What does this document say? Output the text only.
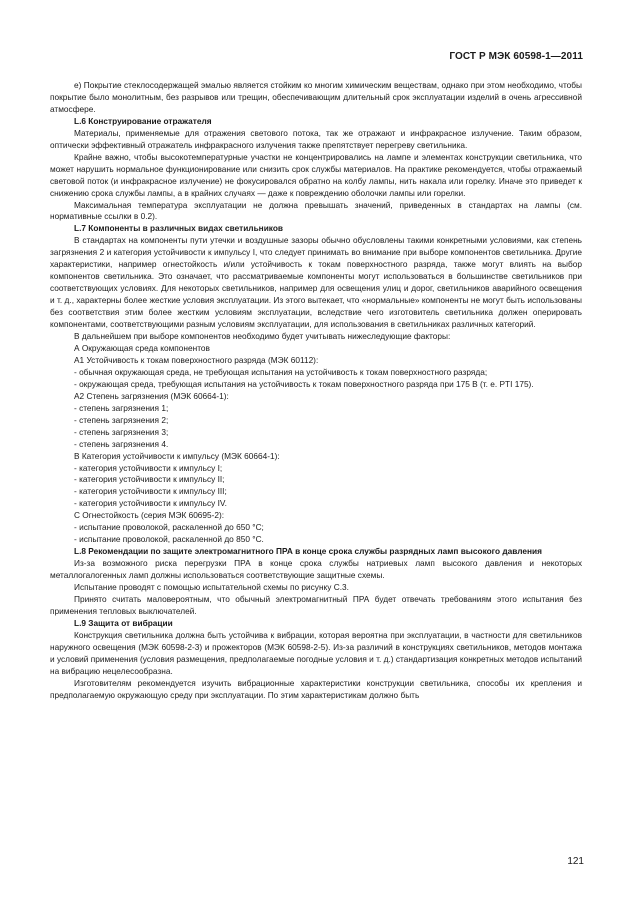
ГОСТ Р МЭК 60598-1—2011

е) Покрытие стеклосодержащей эмалью является стойким ко многим химическим веществам, однако при этом необходимо, чтобы покрытие было монолитным, без разрывов или трещин, обеспечивающим длительный срок эксплуатации изделий в очень агрессивной атмосфере.

L.6 Конструирование отражателя

Материалы, применяемые для отражения светового потока, так же отражают и инфракрасное излучение. Таким образом, оптически эффективный отражатель инфракрасного излучения также препятствует перегреву светильника.

Крайне важно, чтобы высокотемпературные участки не концентрировались на лампе и элементах конструкции светильника, что может нарушить нормальное функционирование или снизить срок службы материалов. На практике рекомендуется, чтобы отражаемый световой поток (и инфракрасное излучение) не фокусировался обратно на колбу лампы, нить накала или горелку. Иначе это приведет к снижению срока службы лампы, а в крайних случаях — даже к повреждению оболочки лампы или горелки.

Максимальная температура эксплуатации не должна превышать значений, приведенных в стандартах на лампы (см. нормативные ссылки в 0.2).

L.7 Компоненты в различных видах светильников

В стандартах на компоненты пути утечки и воздушные зазоры обычно обусловлены такими конкретными условиями, как степень загрязнения 2 и категория устойчивости к импульсу I, что следует принимать во внимание при выборе компонентов светильника. Другие характеристики, например огнестойкость и/или устойчивость к токам поверхностного разряда, также могут влиять на выбор компонентов светильника. Это означает, что рассматриваемые компоненты могут использоваться в большинстве светильников при соответствующих условиях. Для некоторых светильников, например для освещения улиц и дорог, светильников аварийного освещения и т. д., характерны более жесткие условия эксплуатации. Из этого вытекает, что «нормальные» компоненты не могут быть использованы без соответствия этим более жестким условиям эксплуатации, вследствие чего изготовитель светильника должен оперировать компонентами, соответствующими разным условиям эксплуатации, для использования в светильниках различных категорий.

В дальнейшем при выборе компонентов необходимо будет учитывать нижеследующие факторы:

А Окружающая среда компонентов

А1 Устойчивость к токам поверхностного разряда (МЭК 60112):

- обычная окружающая среда, не требующая испытания на устойчивость к токам поверхностного разряда;

- окружающая среда, требующая испытания на устойчивость к токам поверхностного разряда при 175 В (т. е. PTI 175).

А2 Степень загрязнения (МЭК 60664-1):

- степень загрязнения 1;

- степень загрязнения 2;

- степень загрязнения 3;

- степень загрязнения 4.

В Категория устойчивости к импульсу (МЭК 60664-1):

- категория устойчивости к импульсу I;

- категория устойчивости к импульсу II;

- категория устойчивости к импульсу III;

- категория устойчивости к импульсу IV.

С Огнестойкость (серия МЭК 60695-2):

- испытание проволокой, раскаленной до 650 °C;

- испытание проволокой, раскаленной до 850 °C.

L.8 Рекомендации по защите электромагнитного ПРА в конце срока службы разрядных ламп высокого давления

Из-за возможного риска перегрузки ПРА в конце срока службы натриевых ламп высокого давления и некоторых металлогалогенных ламп должны использоваться соответствующие защитные схемы.

Испытание проводят с помощью испытательной схемы по рисунку С.3.

Принято считать маловероятным, что обычный электромагнитный ПРА будет отвечать требованиям этого испытания без применения тепловых выключателей.

L.9 Защита от вибрации

Конструкция светильника должна быть устойчива к вибрации, которая вероятна при эксплуатации, в частности для светильников наружного освещения (МЭК 60598-2-3) и прожекторов (МЭК 60598-2-5). Из-за различий в конструкциях светильников, методов монтажа и условий применения (условия размещения, предполагаемые погодные условия и т. д.) стандартизация конкретных методов испытаний на вибрацию нецелесообразна.

Изготовителям рекомендуется изучить вибрационные характеристики конструкции светильника, способы их крепления и предполагаемую окружающую среду при эксплуатации. По этим характеристикам должно быть

121
